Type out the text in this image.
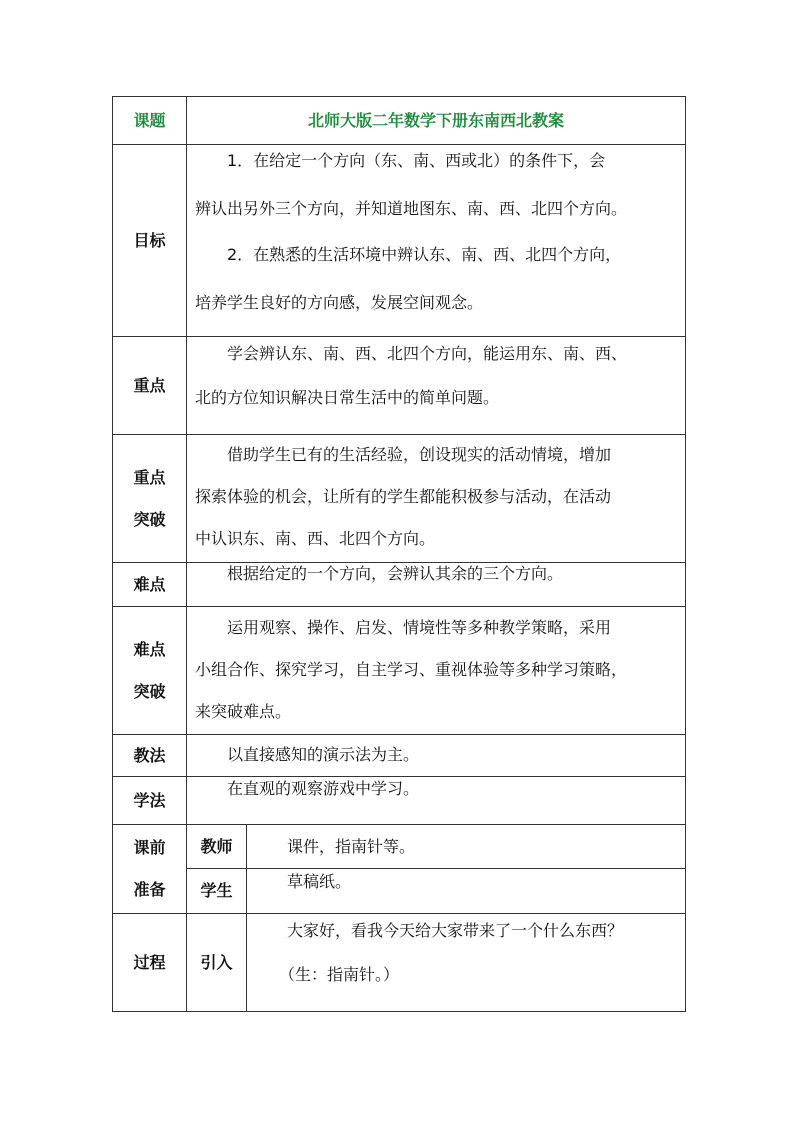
课题	北师大版二年数学下册东南西北教案	
目标	1．在给定一个方向（东、南、西或北）的条件下，会
辨认出另外三个方向，并知道地图东、南、西、北四个方向。
2．在熟悉的生活环境中辨认东、南、西、北四个方向，
培养学生良好的方向感，发展空间观念。	

重点	学会辨认东、南、西、北四个方向，能运用东、南、西、
北的方位知识解决日常生活中的简单问题。	

重点
突破	借助学生已有的生活经验，创设现实的活动情境，增加
探索体验的机会，让所有的学生都能积极参与活动，在活动
中认识东、南、西、北四个方向。	

难点	根据给定的一个方向，会辨认其余的三个方向。	

难点
突破	运用观察、操作、启发、情境性等多种教学策略，采用
小组合作、探究学习，自主学习、重视体验等多种学习策略，
来突破难点。	

教法	以直接感知的演示法为主。	

学法	在直观的观察游戏中学习。	

课前
准备	教师	课件，指南针等。

	学生	草稿纸。

过程	引入	大家好，看我今天给大家带来了一个什么东西？
（生：指南针。）
